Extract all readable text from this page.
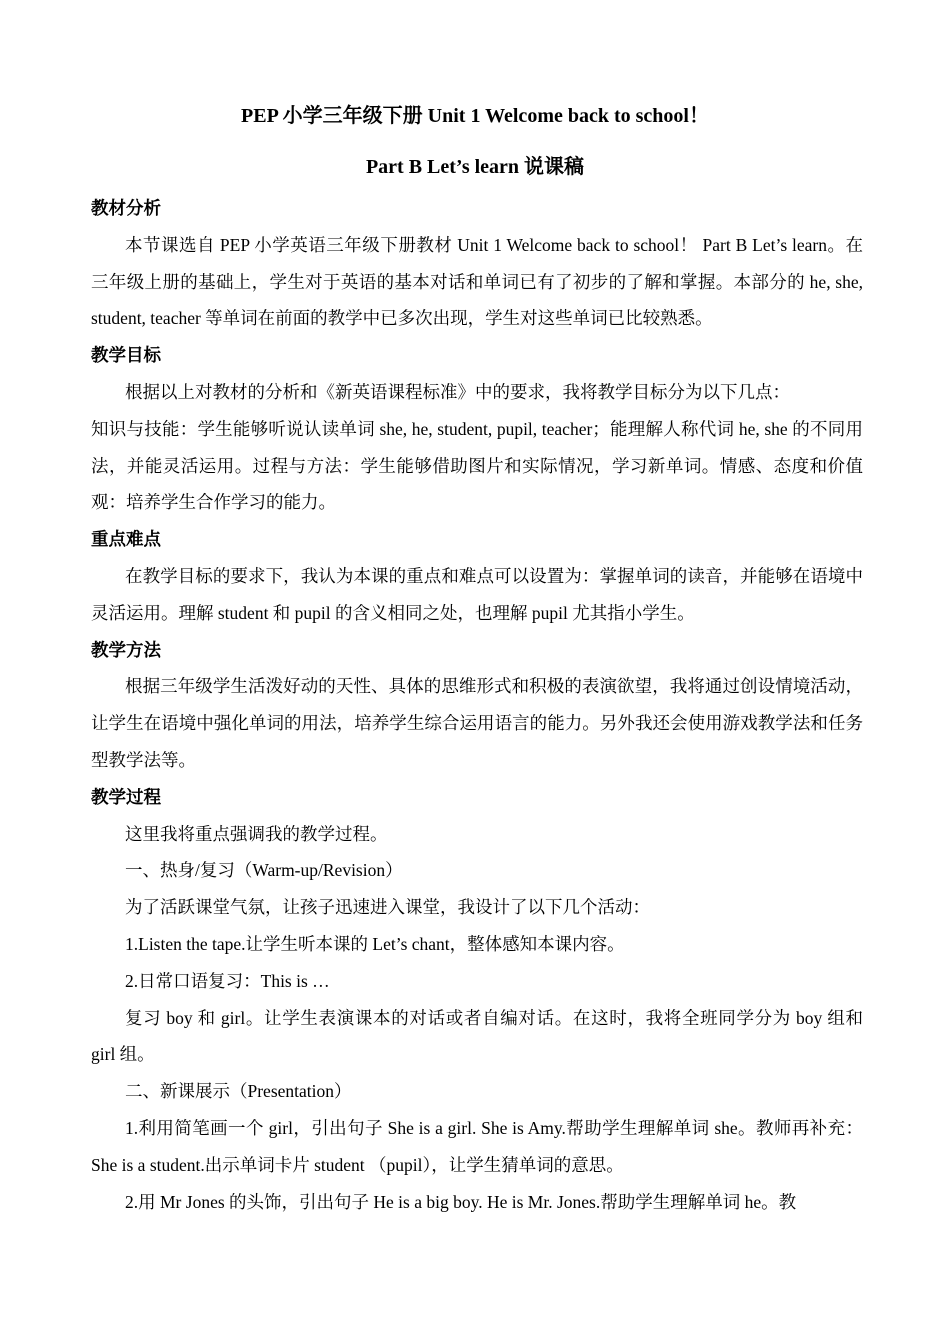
PEP 小学三年级下册 Unit 1 Welcome back to school！
Part B Let’s learn 说课稿

教材分析

本节课选自 PEP 小学英语三年级下册教材 Unit 1 Welcome back to school！ Part B Let’s learn。在三年级上册的基础上，学生对于英语的基本对话和单词已有了初步的了解和掌握。本部分的 he, she, student, teacher 等单词在前面的教学中已多次出现，学生对这些单词已比较熟悉。

教学目标

根据以上对教材的分析和《新英语课程标准》中的要求，我将教学目标分为以下几点：

知识与技能：学生能够听说认读单词 she, he, student, pupil, teacher；能理解人称代词 he, she 的不同用法，并能灵活运用。过程与方法：学生能够借助图片和实际情况，学习新单词。情感、态度和价值观：培养学生合作学习的能力。

重点难点

在教学目标的要求下，我认为本课的重点和难点可以设置为：掌握单词的读音，并能够在语境中灵活运用。理解 student 和 pupil 的含义相同之处，也理解 pupil 尤其指小学生。

教学方法

根据三年级学生活泼好动的天性、具体的思维形式和积极的表演欲望，我将通过创设情境活动，让学生在语境中强化单词的用法，培养学生综合运用语言的能力。另外我还会使用游戏教学法和任务型教学法等。

教学过程

这里我将重点强调我的教学过程。

一、热身/复习（Warm-up/Revision）

为了活跃课堂气氛，让孩子迅速进入课堂，我设计了以下几个活动：

1.Listen the tape.让学生听本课的 Let’s chant，整体感知本课内容。

2.日常口语复习：This is …

复习 boy 和 girl。让学生表演课本的对话或者自编对话。在这时，我将全班同学分为 boy 组和 girl 组。

二、新课展示（Presentation）

1.利用简笔画一个 girl，引出句子 She is a girl. She is Amy.帮助学生理解单词 she。教师再补充：She is a student.出示单词卡片 student （pupil），让学生猜单词的意思。

2.用 Mr Jones 的头饰，引出句子 He is a big boy. He is Mr. Jones.帮助学生理解单词 he。教
